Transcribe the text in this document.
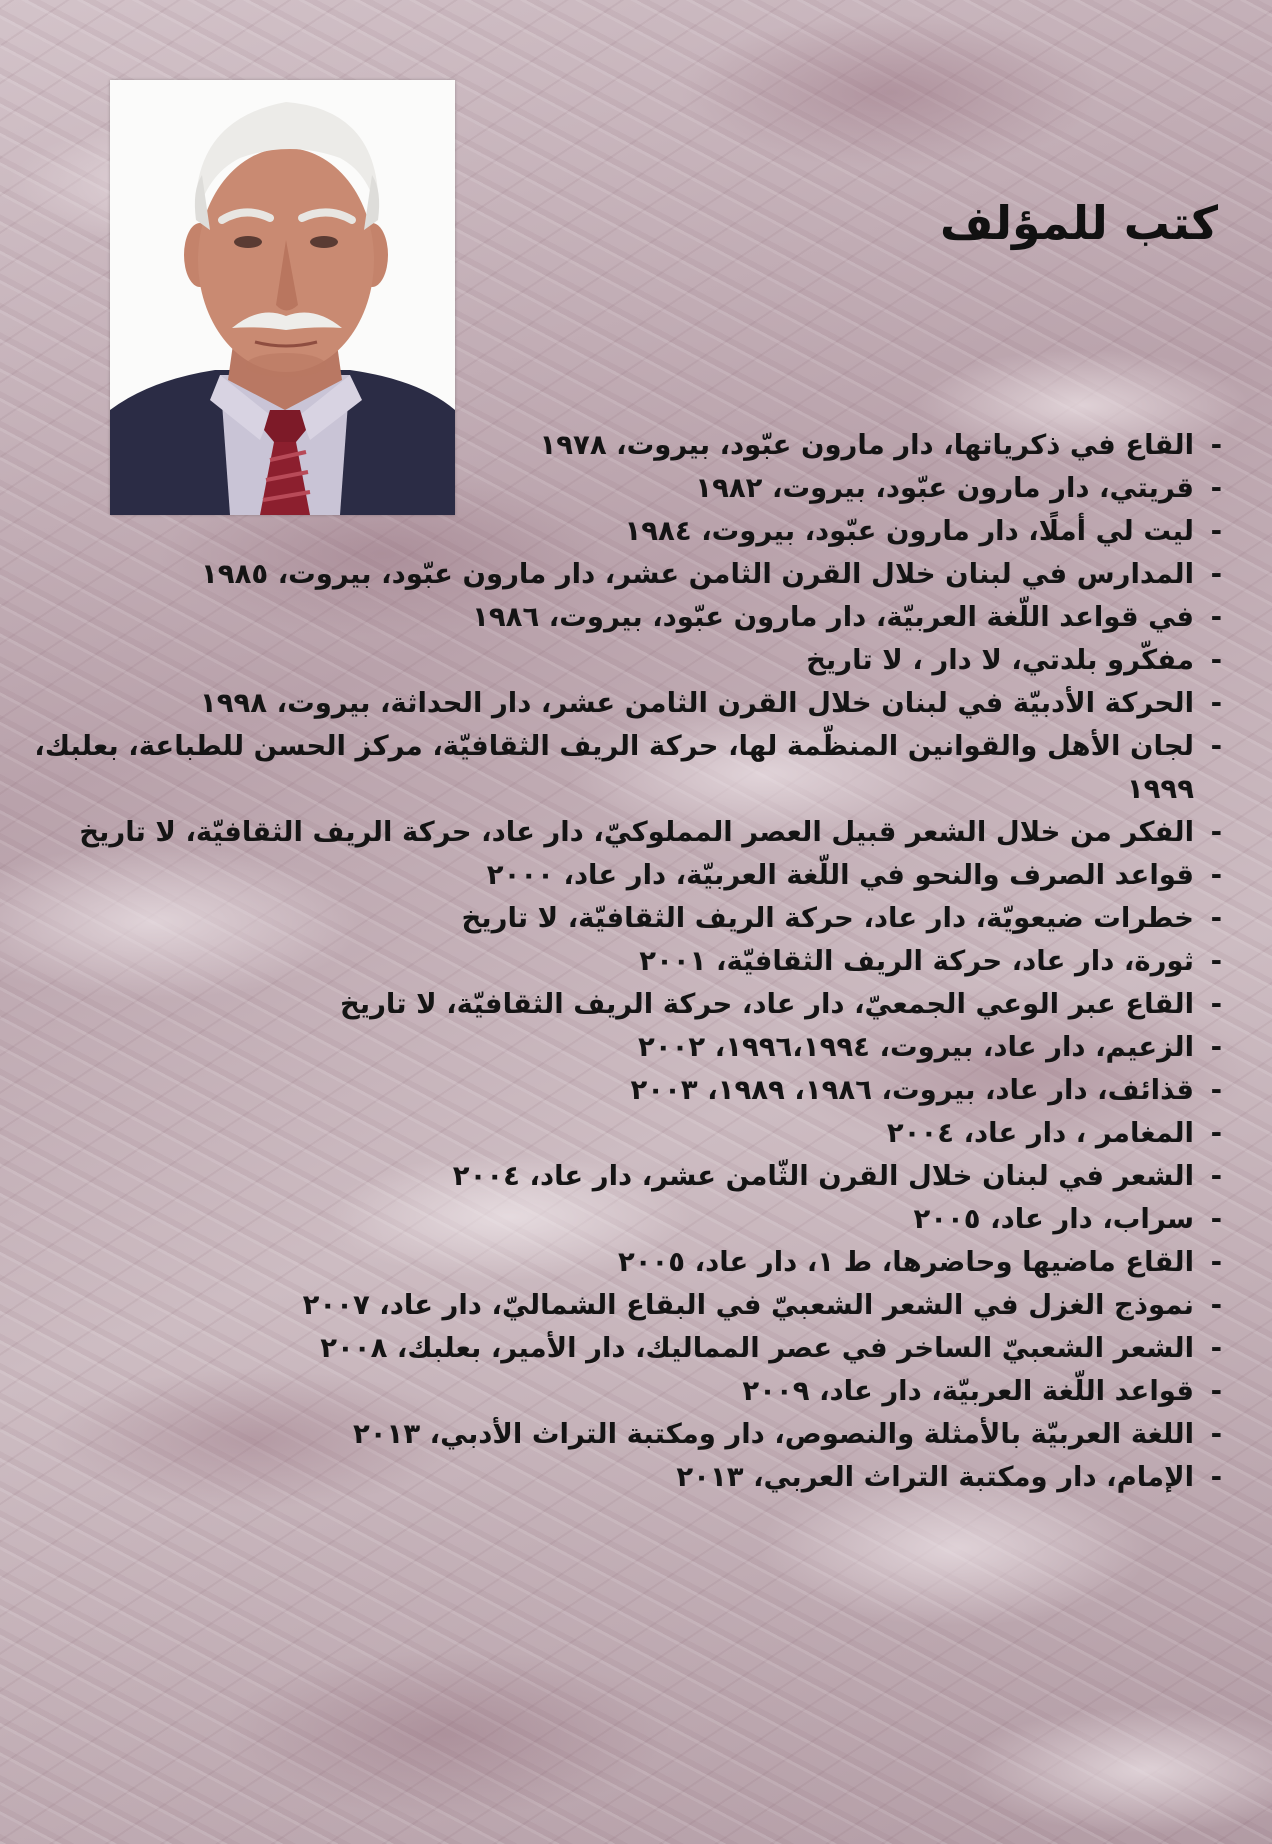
كتب للمؤلف
-
القاع في ذكرياتها، دار مارون عبّود، بيروت، ١٩٧٨
-
قريتي، دار مارون عبّود، بيروت، ١٩٨٢
-
ليت لي أملًا، دار مارون عبّود، بيروت، ١٩٨٤
-
المدارس في لبنان خلال القرن الثامن عشر، دار مارون عبّود، بيروت، ١٩٨٥
-
في قواعد اللّغة العربيّة، دار مارون عبّود، بيروت، ١٩٨٦
-
مفكّرو بلدتي، لا دار ، لا تاريخ
-
الحركة الأدبيّة في لبنان خلال القرن الثامن عشر، دار الحداثة، بيروت، ١٩٩٨
-
لجان الأهل والقوانين المنظّمة لها، حركة الريف الثقافيّة، مركز الحسن للطباعة، بعلبك، ١٩٩٩
-
الفكر من خلال الشعر قبيل العصر المملوكيّ، دار عاد، حركة الريف الثقافيّة، لا تاريخ
-
قواعد الصرف والنحو في اللّغة العربيّة، دار عاد، ٢٠٠٠
-
خطرات ضيعويّة، دار عاد، حركة الريف الثقافيّة، لا تاريخ
-
ثورة، دار عاد، حركة الريف الثقافيّة، ٢٠٠١
-
القاع عبر الوعي الجمعيّ، دار عاد، حركة الريف الثقافيّة، لا تاريخ
-
الزعيم، دار عاد، بيروت، ١٩٩٦،١٩٩٤، ٢٠٠٢
-
قذائف، دار عاد، بيروت، ١٩٨٦، ١٩٨٩، ٢٠٠٣
-
المغامر ، دار عاد، ٢٠٠٤
-
الشعر في لبنان خلال القرن الثّامن عشر، دار عاد، ٢٠٠٤
-
سراب، دار عاد، ٢٠٠٥
-
القاع ماضيها وحاضرها، ط ١، دار عاد، ٢٠٠٥
-
نموذج الغزل في الشعر الشعبيّ في البقاع الشماليّ، دار عاد، ٢٠٠٧
-
الشعر الشعبيّ الساخر في عصر المماليك، دار الأمير، بعلبك، ٢٠٠٨
-
قواعد اللّغة العربيّة، دار عاد، ٢٠٠٩
-
اللغة العربيّة بالأمثلة والنصوص، دار ومكتبة التراث الأدبي، ٢٠١٣
-
الإمام، دار ومكتبة التراث العربي، ٢٠١٣
